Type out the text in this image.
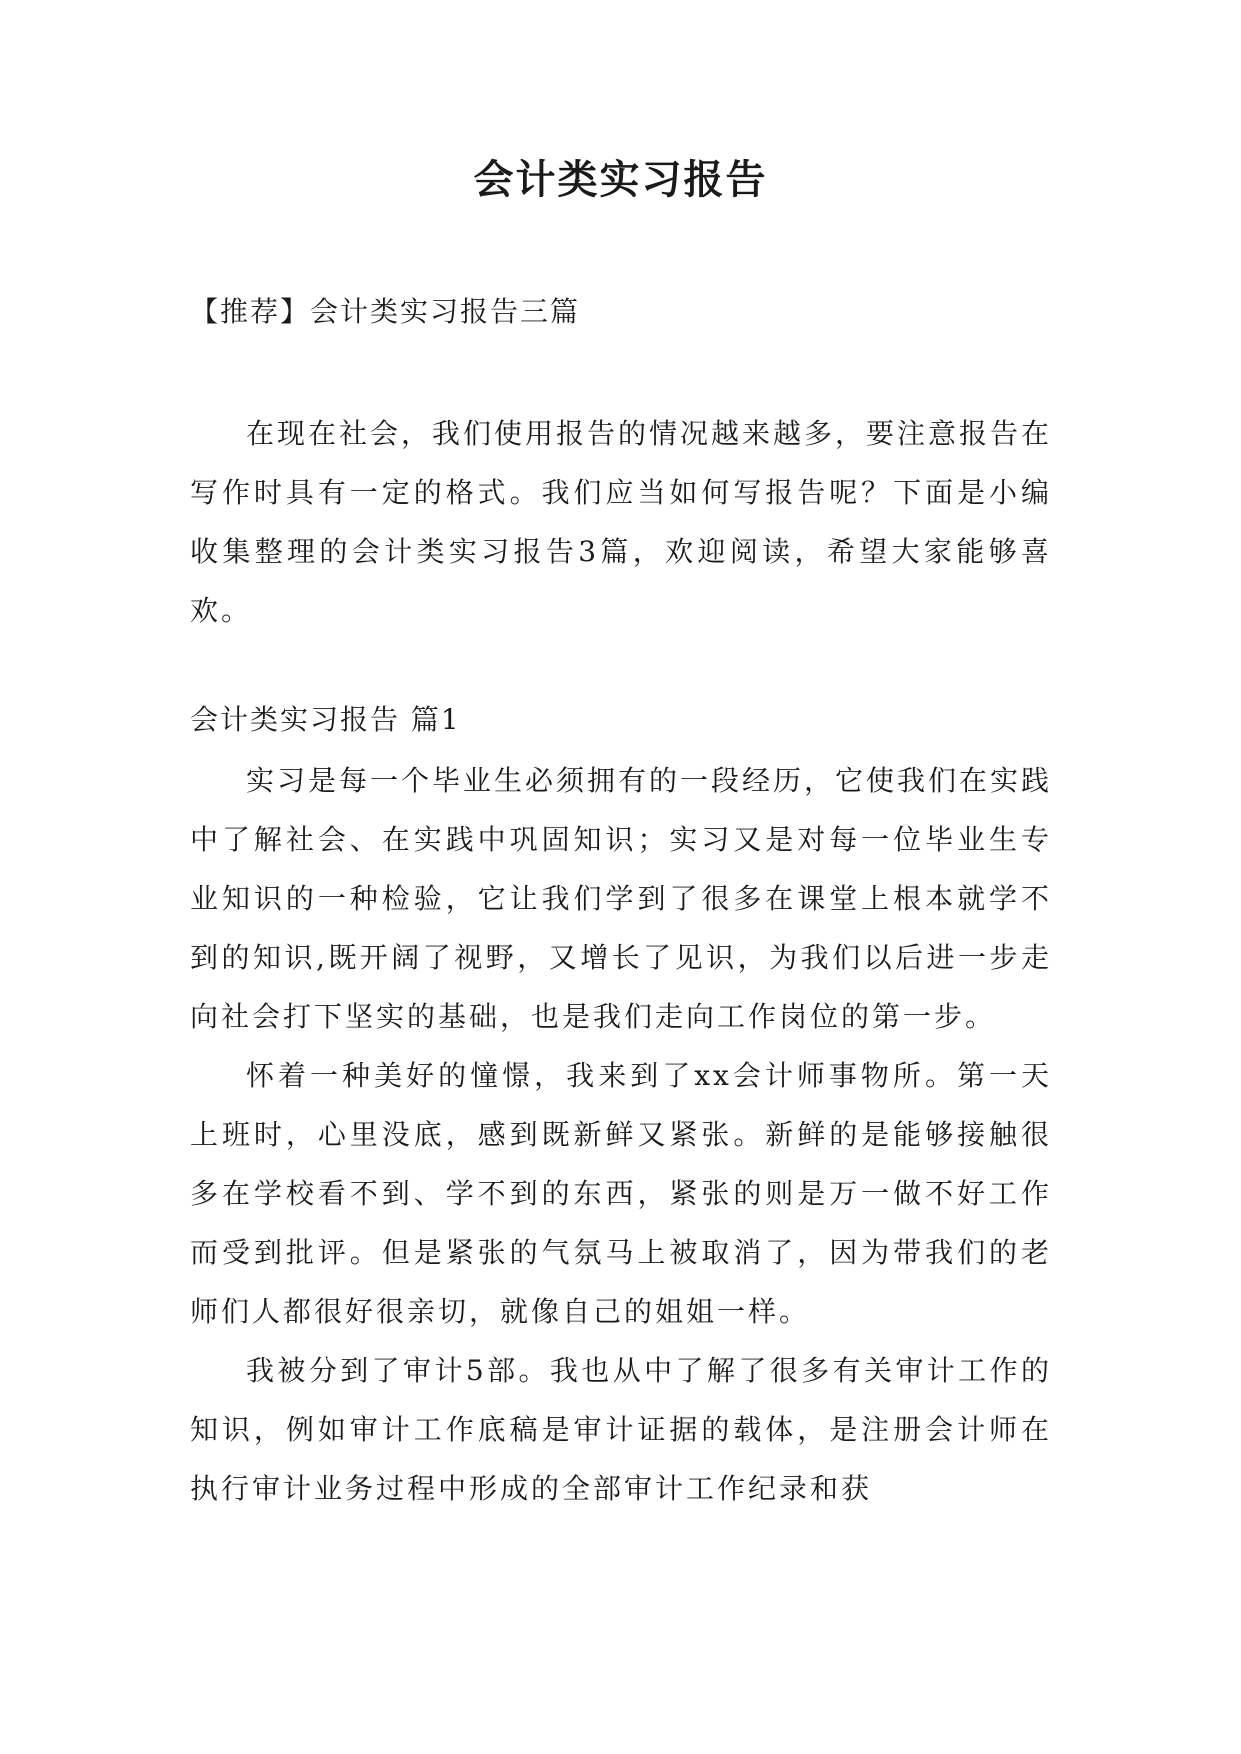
会计类实习报告
【推荐】会计类实习报告三篇

在现在社会，我们使用报告的情况越来越多，要注意报告在写作时具有一定的格式。我们应当如何写报告呢？下面是小编收集整理的会计类实习报告3篇，欢迎阅读，希望大家能够喜欢。

会计类实习报告 篇1

实习是每一个毕业生必须拥有的一段经历，它使我们在实践中了解社会、在实践中巩固知识；实习又是对每一位毕业生专业知识的一种检验，它让我们学到了很多在课堂上根本就学不到的知识,既开阔了视野，又增长了见识，为我们以后进一步走向社会打下坚实的基础，也是我们走向工作岗位的第一步。

怀着一种美好的憧憬，我来到了xx会计师事物所。第一天上班时，心里没底，感到既新鲜又紧张。新鲜的是能够接触很多在学校看不到、学不到的东西，紧张的则是万一做不好工作而受到批评。但是紧张的气氛马上被取消了，因为带我们的老师们人都很好很亲切，就像自己的姐姐一样。

我被分到了审计5部。我也从中了解了很多有关审计工作的知识，例如审计工作底稿是审计证据的载体，是注册会计师在执行审计业务过程中形成的全部审计工作纪录和获
